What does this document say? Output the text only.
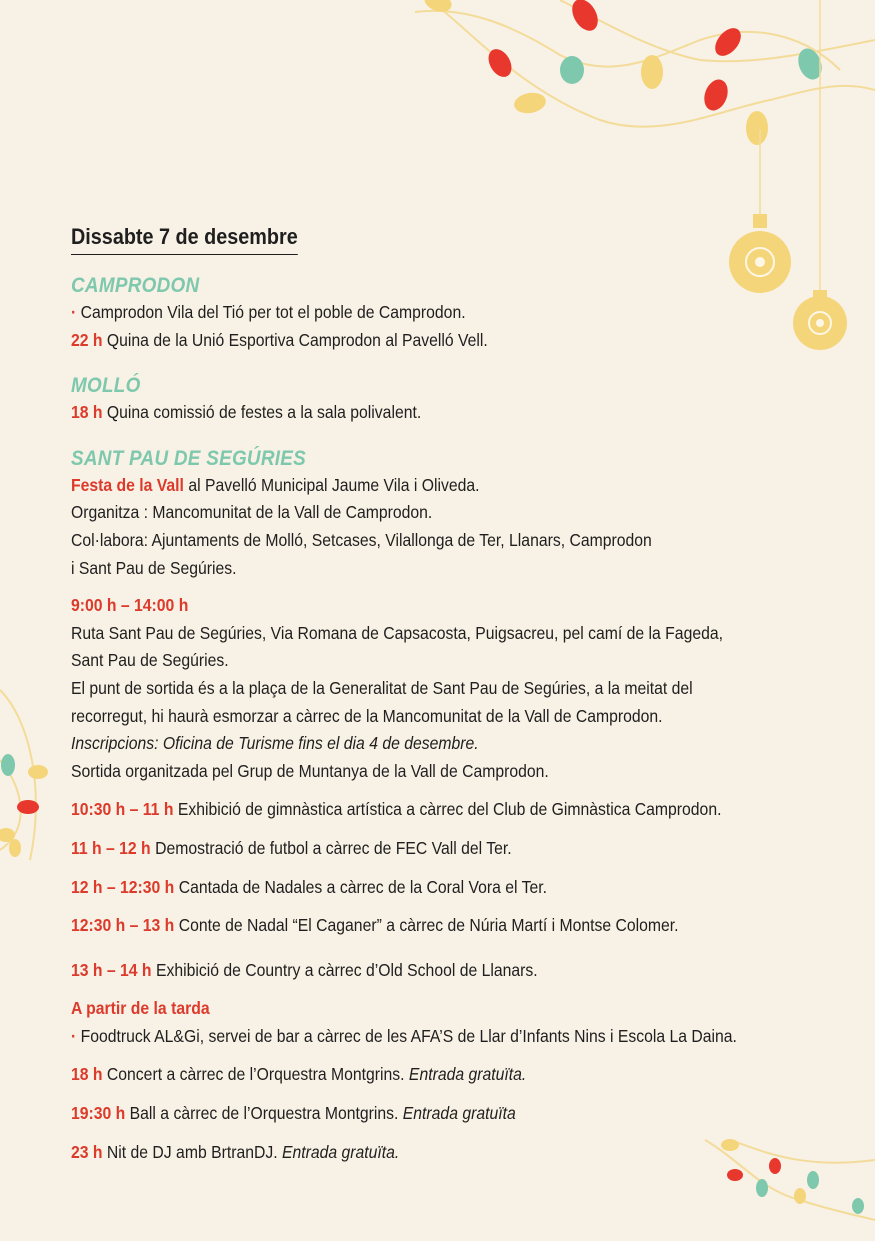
Dissabte 7 de desembre

CAMPRODON

· Camprodon Vila del Tió per tot el poble de Camprodon.

22 h Quina de la Unió Esportiva Camprodon al Pavelló Vell.

MOLLÓ

18 h Quina comissió de festes a la sala polivalent.

SANT PAU DE SEGÚRIES

Festa de la Vall al Pavelló Municipal Jaume Vila i Oliveda.

Organitza : Mancomunitat de la Vall de Camprodon.

Col·labora: Ajuntaments de Molló, Setcases, Vilallonga de Ter, Llanars, Camprodon

i Sant Pau de Segúries.

9:00 h – 14:00 h

Ruta Sant Pau de Segúries, Via Romana de Capsacosta, Puigsacreu, pel camí de la Fageda,

Sant Pau de Segúries.

El punt de sortida és a la plaça de la Generalitat de Sant Pau de Segúries, a la meitat del

recorregut, hi haurà esmorzar a càrrec de la Mancomunitat de la Vall de Camprodon.

Inscripcions: Oficina de Turisme fins el dia 4 de desembre.

Sortida organitzada pel Grup de Muntanya de la Vall de Camprodon.

10:30 h – 11 h Exhibició de gimnàstica artística a càrrec del Club de Gimnàstica Camprodon.

11 h – 12 h Demostració de futbol a càrrec de FEC Vall del Ter.

12 h – 12:30 h Cantada de Nadales a càrrec de la Coral Vora el Ter.

12:30 h – 13 h Conte de Nadal “El Caganer” a càrrec de Núria Martí i Montse Colomer.

13 h – 14 h Exhibició de Country a càrrec d’Old School de Llanars.

A partir de la tarda

· Foodtruck AL&Gi, servei de bar a càrrec de les AFA’S de Llar d’Infants Nins i Escola La Daina.

18 h Concert a càrrec de l’Orquestra Montgrins. Entrada gratuïta.

19:30 h Ball a càrrec de l’Orquestra Montgrins. Entrada gratuïta

23 h Nit de DJ amb BrtranDJ. Entrada gratuïta.
